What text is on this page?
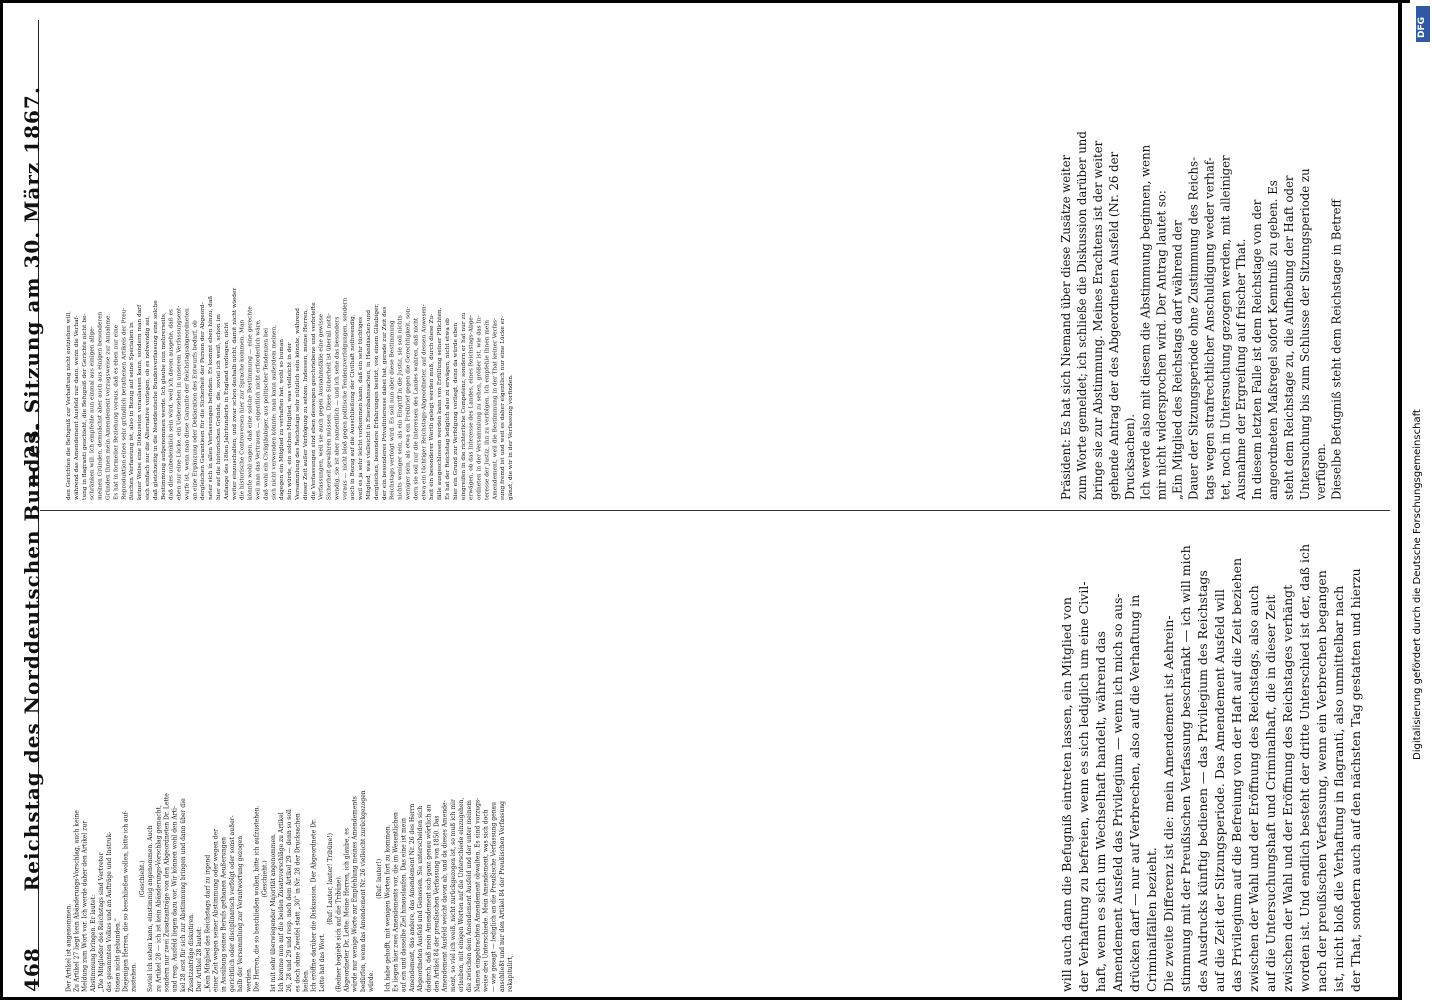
468  Reichstag des Norddeutschen Bundes.
— 23. Sitzung am 30. März 1867.

Der Artikel ist angenommen. Zu Artikel 27 liegt kein Abänderungs-Vorschlag, auch keine Meldung zum Wort vor. Ich werde daher den Artikel zur Abstimmung bringen. Er lautet: „Die Mitglieder des Reichstags sind Vertreter des gesammten Volkes und an Aufträge und Instruk- tionen nicht gebunden.“ Diejenigen Herren, die so beschließen wollen, bitte ich auf- zustehen.

(Geschieht.) Soviel ich sehen kann, einstimmig angenommen. Auch zu Artikel 28 — ich ist kein Abänderungs-Vorschlag gemacht, sondern nur zwei Zusatzanträge von den Abgeordneten Dr. Lette und resp. Ausfeld liegen dazu vor. Wir können wohl den Arti- kel 28 erst für sich zur Abstimmung bringen und dann über die Zusatzanträge diskutiren. Der Artikel 28 lautet: „Kein Mitglied des Reichstags darf zu irgend einer Zeit wegen seiner Abstimmung oder wegen der in Ausübung seines Berufs gethanen Aeußerungen gerichtlich oder disciplinarisch verfolgt oder sonst außer- halb der Versammlung zur Verantwortung gezogen werden. Die Herren, die so beschließen wollen, bitte ich aufzustehen. (Geschieht.) Ist mit sehr überwiegender Majorität angenommen. Ich komme nun auf die beiden Zusatzvorschläge zu Artikel 26, 28 und 29 und resp. nach dem Artikel 29 — denn so soll es doch ohne Zweifel statt „30“ in Nr. 28 der Drucksachen heißen. Ich eröffne darüber die Diskussion. Der Abgeordnete Dr. Lette hat das Wort.

(Ruf: Lauter, lauter! Tribüne!) (Redner begiebt sich auf die Tribüne). Abgeordneter Dr. Lette: Meine Herren, ich glaube, es würde nur wenige Worte zur Empfehlung meines Amendements bedürfen, wenn das Amendement Nr. 26 vielleicht zurückgezogen würde.

(Ruf: lauter!) Ich habe gehofft, mit wenigen Worten fort zu kommen. Es liegen hier zwei Amendements vor, die im Wesentlichen auf ein und dasselbe Ziel hinauslaufen. Das eine ist mein Amendement, das andere, das Amendement Nr. 26 des Herrn Abgeordneten Ausfeld und Genossen. Sie unterscheiden sich dadurch, daß mein Amendement sich ganz genau wörtlich an den Artikel 84 der preußischen Verfassung von 1850. Das Amendement Ausfeld weicht davon ab, und da dieses Amende- ment, so viel ich weiß, nicht zurückgezogen ist, so muß ich mir erlauben, mit einigen Worten auf die Unterschiede einzugehen, die zwischen dem Amendement Ausfeld und der unter meinem Namen eingebrachten Amendement obwalten. Es sind vorzugs- weise drei Unterschiede. Mein Amendement, was sich doch — wie gesagt — lediglich an die Preußische Verfassung genau anschließt und nur den Artikel 84 der Preußischen Verfassung rekapitulirt,

den Gerichten die Befugniß zur Verhaftung nicht entziehen will, während das Amendement Ausfeld nur dann, wenn die Verhaf- tung in flagranti geschieht, die Befugniß der Gerichte nicht be- schränken will. Ich empfehle nun einmal aus einigen allge- meinen Gründen, demnächst aber auch aus einigen besonderen Gründen Ihnen mein Amendement vorzugsweise zur Annahme. Es hat in formeller Beziehung voraus, daß es eben nur eine Reproduktion eines sehr gründlich berathenen Artikels der Preu- ßischen Verfassung ist, also in Bezug auf seine Specialien in keiner Weise eine Diskussion veranlassen kann, sondern man darf sich einfach nur die Alternative vorlegen, ob es notwendig sei, daß gleichzeitig in die Norddeutsche Bundesverfassung eine solche Bestimmung aufgenommen werde. Ich glaube nun mehrerseits, daß dies unbedenklich sein wird, weil ich davon ausgehe, daß es eben nur eine Lücke, ein Uebersehen in unserem Verfassungsent- wurfe ist, wenn man diese Garantie der Reichstagsabgeordneten an eine Ergänzung oder Deklaration des Entwurfs bedarf, ob dergleichen Garantieen für die Sicherheit der Person der Abgeord- neter sich in allen Verfassungen befinden. Es kommt eben hinzu, daß hier auf die historischen Gründe, die, soviel ich weiß, schon im Anfange des 18ten Jahrhunderts in England vorliegen, nicht weiter einzuschalten, und zwar schon deshalb nicht, damit nicht wieder die historische Controversen hier zur Sprache kommen. Man könnte wohl sagen, daß eine solche Bestimmung — eine gerechte weil man das Vertrauen — eigentlich nicht erforderlich wäre, daß wohl ein Civilgläubiger, aus politischer Tendenzen bei sich nicht verwenden könnte; man kann außerdem meinen, dagegen ein Mitglied zu verhaften hat, wohl so human fein würde, ein solches Mitglied, was vielleicht in der Versammlung des Reichstags sehr nützlich sein könnte, während dieser Zeit außer Verfolgung zu setzen. Indessen, meine Herren, die Verfassungen sind eben deswegen geschriebene und verbriefte Verfassungen, weil sie auch gegen Ausnahmsfälle eine gewisse Sicherheit gewähren müssen. Diese Sicherheit ist überall noth- wendig, sie ist aber namentlich — und ich sehe das besonders voraus — nicht bloß gegen politische Tendenzverfolgungen, sondern auch in Bezug auf die Ausschließung der Civilhaft nothwendig, weil es ja sehr leicht vorkommen kann, daß ein sehr tüchtiges Mitglied, was vielleicht in Eisenbahnsachen, in Handsachen und dergleichen, besondere Erfahrungen besitzt, von einem Gläubiger, der ein besonderes Privatinteresse dabei hat, gerade zur Zeit des Reichstags verfolgt wird. Es soll nun aber diese Bestimmung nichts weniger sein, als ein Eingriff in die Justiz, sie soll nichts weniger sein, als etwa ein Freibrief gegen die Gerechtigkeit, son- dern sie soll nur die Interessen des Landes wahren, daß nicht etwa ein tüchtiger Reichstags-Abgeordneter, auf dessen Anwesen- heit ein besonderer Werth gelegt werden muß, durch diese Zu- fälle ausgeschlossen werden kann von Erfüllung seiner Pflichten. Es hat der Reichstag lediglich also zu erwägen, nicht etwa ob hier ein Grund zur Verfolgung vorliegt, denn da würde eben eingreifen in die richterliche Competenz, sondern er hat nur zu erwägen, ob das Interesse des Landes, eines Reichstags-Abge- ordneten in der Versammlung zu sehen, größer ist, wie das In- teresse der Justiz, ihn zu verfolgen. Ich empfehle Ihnen mein Amendement, weil die Bestimmung in der That keiner Verfas- sung fremd ist und weil es daher eigentlich nur eine Lücke er- gänzt, die wir in der Verfassung vorfinden.

will auch dann die Befugniß eintreten lassen, ein Mitglied von der Verhaftung zu befreien, wenn es sich lediglich um eine Civil- haft, wenn es sich um Wechselhaft handelt, während das Amendement Ausfeld das Privilegium — wenn ich mich so aus- drücken darf — nur auf Verbrechen, also auf die Verhaftung in Criminalfällen bezieht. Die zweite Differenz ist die: mein Amendement ist Aehrein- stimmung mit der Preußischen Verfassung beschränkt — ich will mich des Ausdrucks künftig bedienen — das Privilegium des Reichstags auf die Zeit der Sitzungsperiode. Das Amendement Ausfeld will das Privilegium auf die Befreiung von der Haft auf die Zeit beziehen zwischen der Wahl und der Eröffnung des Reichstags, also auch auf die Untersuchungshaft und Criminalhaft, die in dieser Zeit zwischen der Wahl und der Eröffnung des Reichstages verhängt worden ist. Und endlich besteht der dritte Unterschied ist der, daß ich nach der preußischen Verfassung, wenn ein Verbrechen begangen ist, nicht bloß die Verhaftung in flagranti, also unmittelbar nach der That, sondern auch auf den nächsten Tag gestatten und hierzu

Präsident: Es hat sich Niemand über diese Zusätze weiter zum Worte gemeldet; ich schließe die Diskussion darüber und bringe sie zur Abstimmung. Meines Erachtens ist der weiter gehende Antrag der des Abgeordneten Ausfeld (Nr. 26 der Drucksachen). Ich werde also mit diesem die Abstimmung beginnen, wenn mir nicht widersprochen wird. Der Antrag lautet so: „Ein Mitglied des Reichstags darf während der Dauer der Sitzungsperiode ohne Zustimmung des Reichs- tags wegen strafrechtlicher Anschuldigung weder verhaf- tet, noch in Untersuchung gezogen werden, mit alleiniger Ausnahme der Ergreifung auf frischer That. In diesem letzten Falle ist dem Reichstage von der angeordneten Maßregel sofort Kenntniß zu geben. Es steht dem Reichstage zu, die Aufhebung der Haft oder Untersuchung bis zum Schlusse der Sitzungsperiode zu verfügen. Dieselbe Befugniß steht dem Reichstage in Betreff

DFG
Digitalisierung gefördert durch die Deutsche Forschungsgemeinschaft
